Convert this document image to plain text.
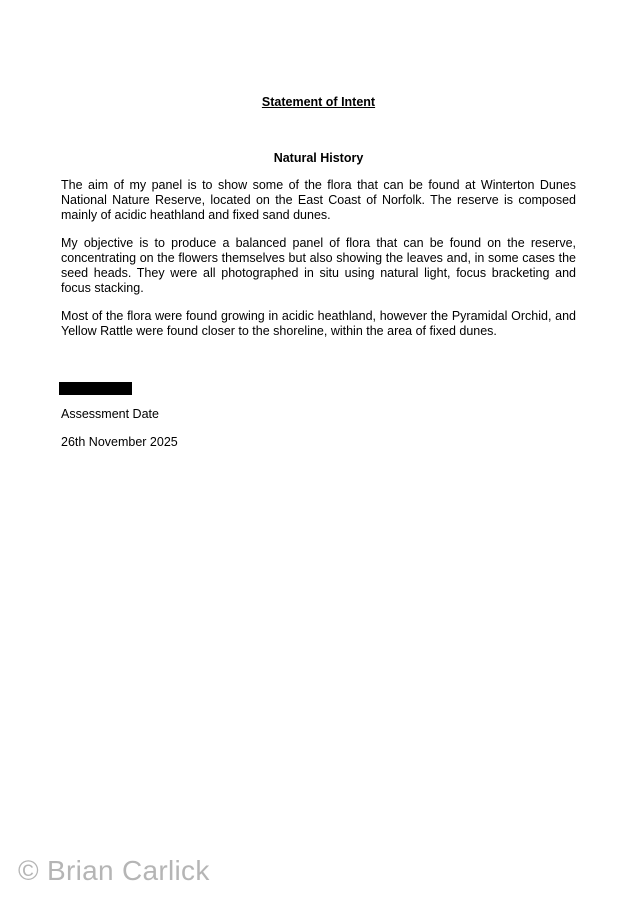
Statement of Intent
Natural History

The aim of my panel is to show some of the flora that can be found at Winterton Dunes National Nature Reserve, located on the East Coast of Norfolk. The reserve is composed mainly of acidic heathland and fixed sand dunes.

My objective is to produce a balanced panel of flora that can be found on the reserve, concentrating on the flowers themselves but also showing the leaves and, in some cases the seed heads. They were all photographed in situ using natural light, focus bracketing and focus stacking.

Most of the flora were found growing in acidic heathland, however the Pyramidal Orchid, and Yellow Rattle were found closer to the shoreline, within the area of fixed dunes.

Assessment Date

26th November 2025

© Brian Carlick
